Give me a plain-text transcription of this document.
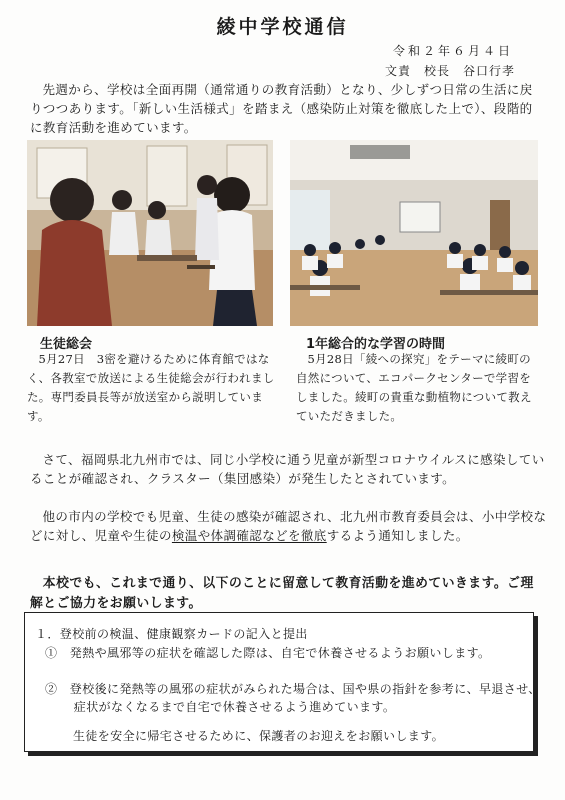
綾中学校通信
令和２年６月４日
文責　校長　谷口行孝
先週から、学校は全面再開（通常通りの教育活動）となり、少しずつ日常の生活に戻りつつあります。「新しい生活様式」を踏まえ（感染防止対策を徹底した上で）、段階的に教育活動を進めています。
生徒総会
5月27日　3密を避けるために体育館ではなく、各教室で放送による生徒総会が行われました。専門委員長等が放送室から説明しています。
1年総合的な学習の時間
5月28日「綾への探究」をテーマに綾町の自然について、エコパークセンターで学習をしました。綾町の貴重な動植物について教えていただきました。
さて、福岡県北九州市では、同じ小学校に通う児童が新型コロナウイルスに感染していることが確認され、クラスター（集団感染）が発生したとされています。
他の市内の学校でも児童、生徒の感染が確認され、北九州市教育委員会は、小中学校などに対し、児童や生徒の検温や体調確認などを徹底するよう通知しました。
本校でも、これまで通り、以下のことに留意して教育活動を進めていきます。ご理解とご協力をお願いします。
１．登校前の検温、健康観察カードの記入と提出
①　発熱や風邪等の症状を確認した際は、自宅で休養させるようお願いします。
②　登校後に発熱等の風邪の症状がみられた場合は、国や県の指針を参考に、早退させ、症状がなくなるまで自宅で休養させるよう進めています。
生徒を安全に帰宅させるために、保護者のお迎えをお願いします。
